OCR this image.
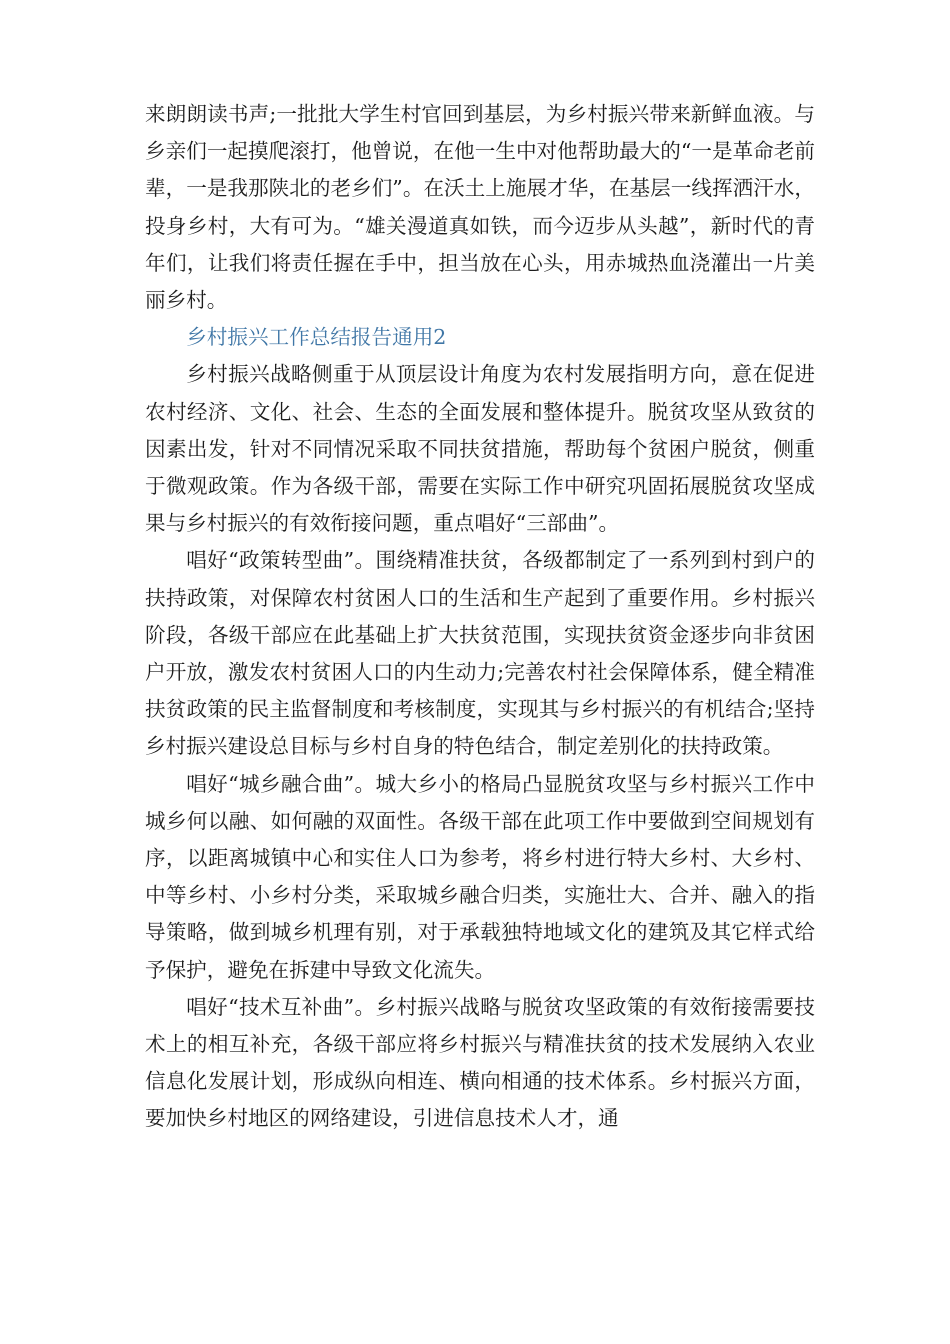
来朗朗读书声;一批批大学生村官回到基层，为乡村振兴带来新鲜血液。与乡亲们一起摸爬滚打，他曾说，在他一生中对他帮助最大的“一是革命老前辈，一是我那陕北的老乡们”。在沃土上施展才华，在基层一线挥洒汗水，投身乡村，大有可为。“雄关漫道真如铁，而今迈步从头越”，新时代的青年们，让我们将责任握在手中，担当放在心头，用赤城热血浇灌出一片美丽乡村。

乡村振兴工作总结报告通用2

乡村振兴战略侧重于从顶层设计角度为农村发展指明方向，意在促进农村经济、文化、社会、生态的全面发展和整体提升。脱贫攻坚从致贫的因素出发，针对不同情况采取不同扶贫措施，帮助每个贫困户脱贫，侧重于微观政策。作为各级干部，需要在实际工作中研究巩固拓展脱贫攻坚成果与乡村振兴的有效衔接问题，重点唱好“三部曲”。

唱好“政策转型曲”。围绕精准扶贫，各级都制定了一系列到村到户的扶持政策，对保障农村贫困人口的生活和生产起到了重要作用。乡村振兴阶段，各级干部应在此基础上扩大扶贫范围，实现扶贫资金逐步向非贫困户开放，激发农村贫困人口的内生动力;完善农村社会保障体系，健全精准扶贫政策的民主监督制度和考核制度，实现其与乡村振兴的有机结合;坚持乡村振兴建设总目标与乡村自身的特色结合，制定差别化的扶持政策。

唱好“城乡融合曲”。城大乡小的格局凸显脱贫攻坚与乡村振兴工作中城乡何以融、如何融的双面性。各级干部在此项工作中要做到空间规划有序，以距离城镇中心和实住人口为参考，将乡村进行特大乡村、大乡村、中等乡村、小乡村分类，采取城乡融合归类，实施壮大、合并、融入的指导策略，做到城乡机理有别，对于承载独特地域文化的建筑及其它样式给予保护，避免在拆建中导致文化流失。

唱好“技术互补曲”。乡村振兴战略与脱贫攻坚政策的有效衔接需要技术上的相互补充，各级干部应将乡村振兴与精准扶贫的技术发展纳入农业信息化发展计划，形成纵向相连、横向相通的技术体系。乡村振兴方面，要加快乡村地区的网络建设，引进信息技术人才，通
